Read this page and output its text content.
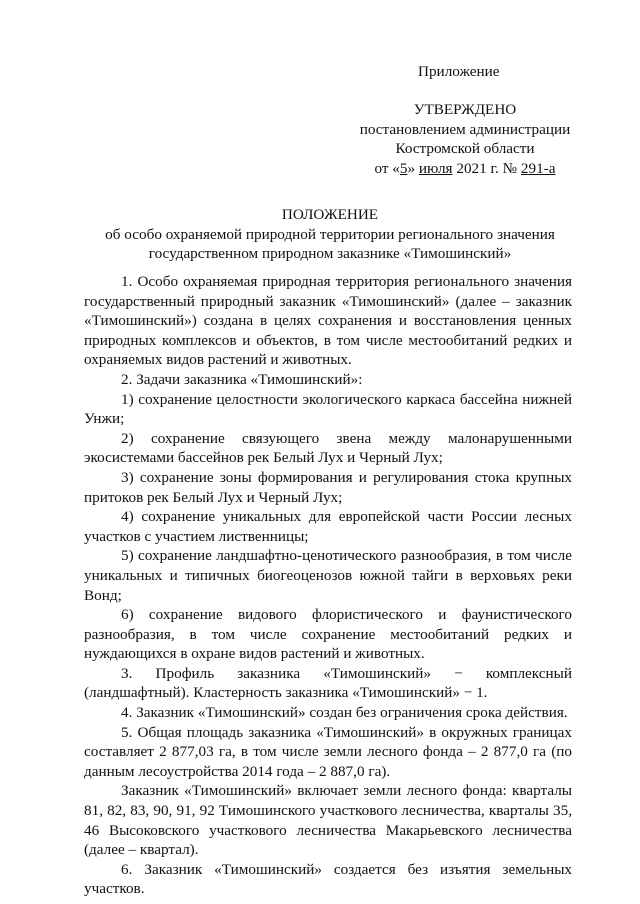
Приложение
УТВЕРЖДЕНО
постановлением администрации
Костромской области
от «5» июля 2021 г. № 291-а
ПОЛОЖЕНИЕ
об особо охраняемой природной территории регионального значения
государственном природном заказнике «Тимошинский»

1. Особо охраняемая природная территория регионального значения государственный природный заказник «Тимошинский» (далее – заказник «Тимошинский») создана в целях сохранения и восстановления ценных природных комплексов и объектов, в том числе местообитаний редких и охраняемых видов растений и животных.

2. Задачи заказника «Тимошинский»:

1) сохранение целостности экологического каркаса бассейна нижней Унжи;

2) сохранение связующего звена между малонарушенными экосистемами бассейнов рек Белый Лух и Черный Лух;

3) сохранение зоны формирования и регулирования стока крупных притоков рек Белый Лух и Черный Лух;

4) сохранение уникальных для европейской части России лесных участков с участием лиственницы;

5) сохранение ландшафтно-ценотического разнообразия, в том числе уникальных и типичных биогеоценозов южной тайги в верховьях реки Вонд;

6) сохранение видового флористического и фаунистического разнообразия, в том числе сохранение местообитаний редких и нуждающихся в охране видов растений и животных.

3. Профиль заказника «Тимошинский» − комплексный (ландшафтный). Кластерность заказника «Тимошинский» − 1.

4. Заказник «Тимошинский» создан без ограничения срока действия.

5. Общая площадь заказника «Тимошинский» в окружных границах составляет 2 877,03 га, в том числе земли лесного фонда – 2 877,0 га (по данным лесоустройства 2014 года – 2 887,0 га).

Заказник «Тимошинский» включает земли лесного фонда: кварталы 81, 82, 83, 90, 91, 92 Тимошинского участкового лесничества, кварталы 35, 46 Высоковского участкового лесничества Макарьевского лесничества (далее – квартал).

6. Заказник «Тимошинский» создается без изъятия земельных участков.
